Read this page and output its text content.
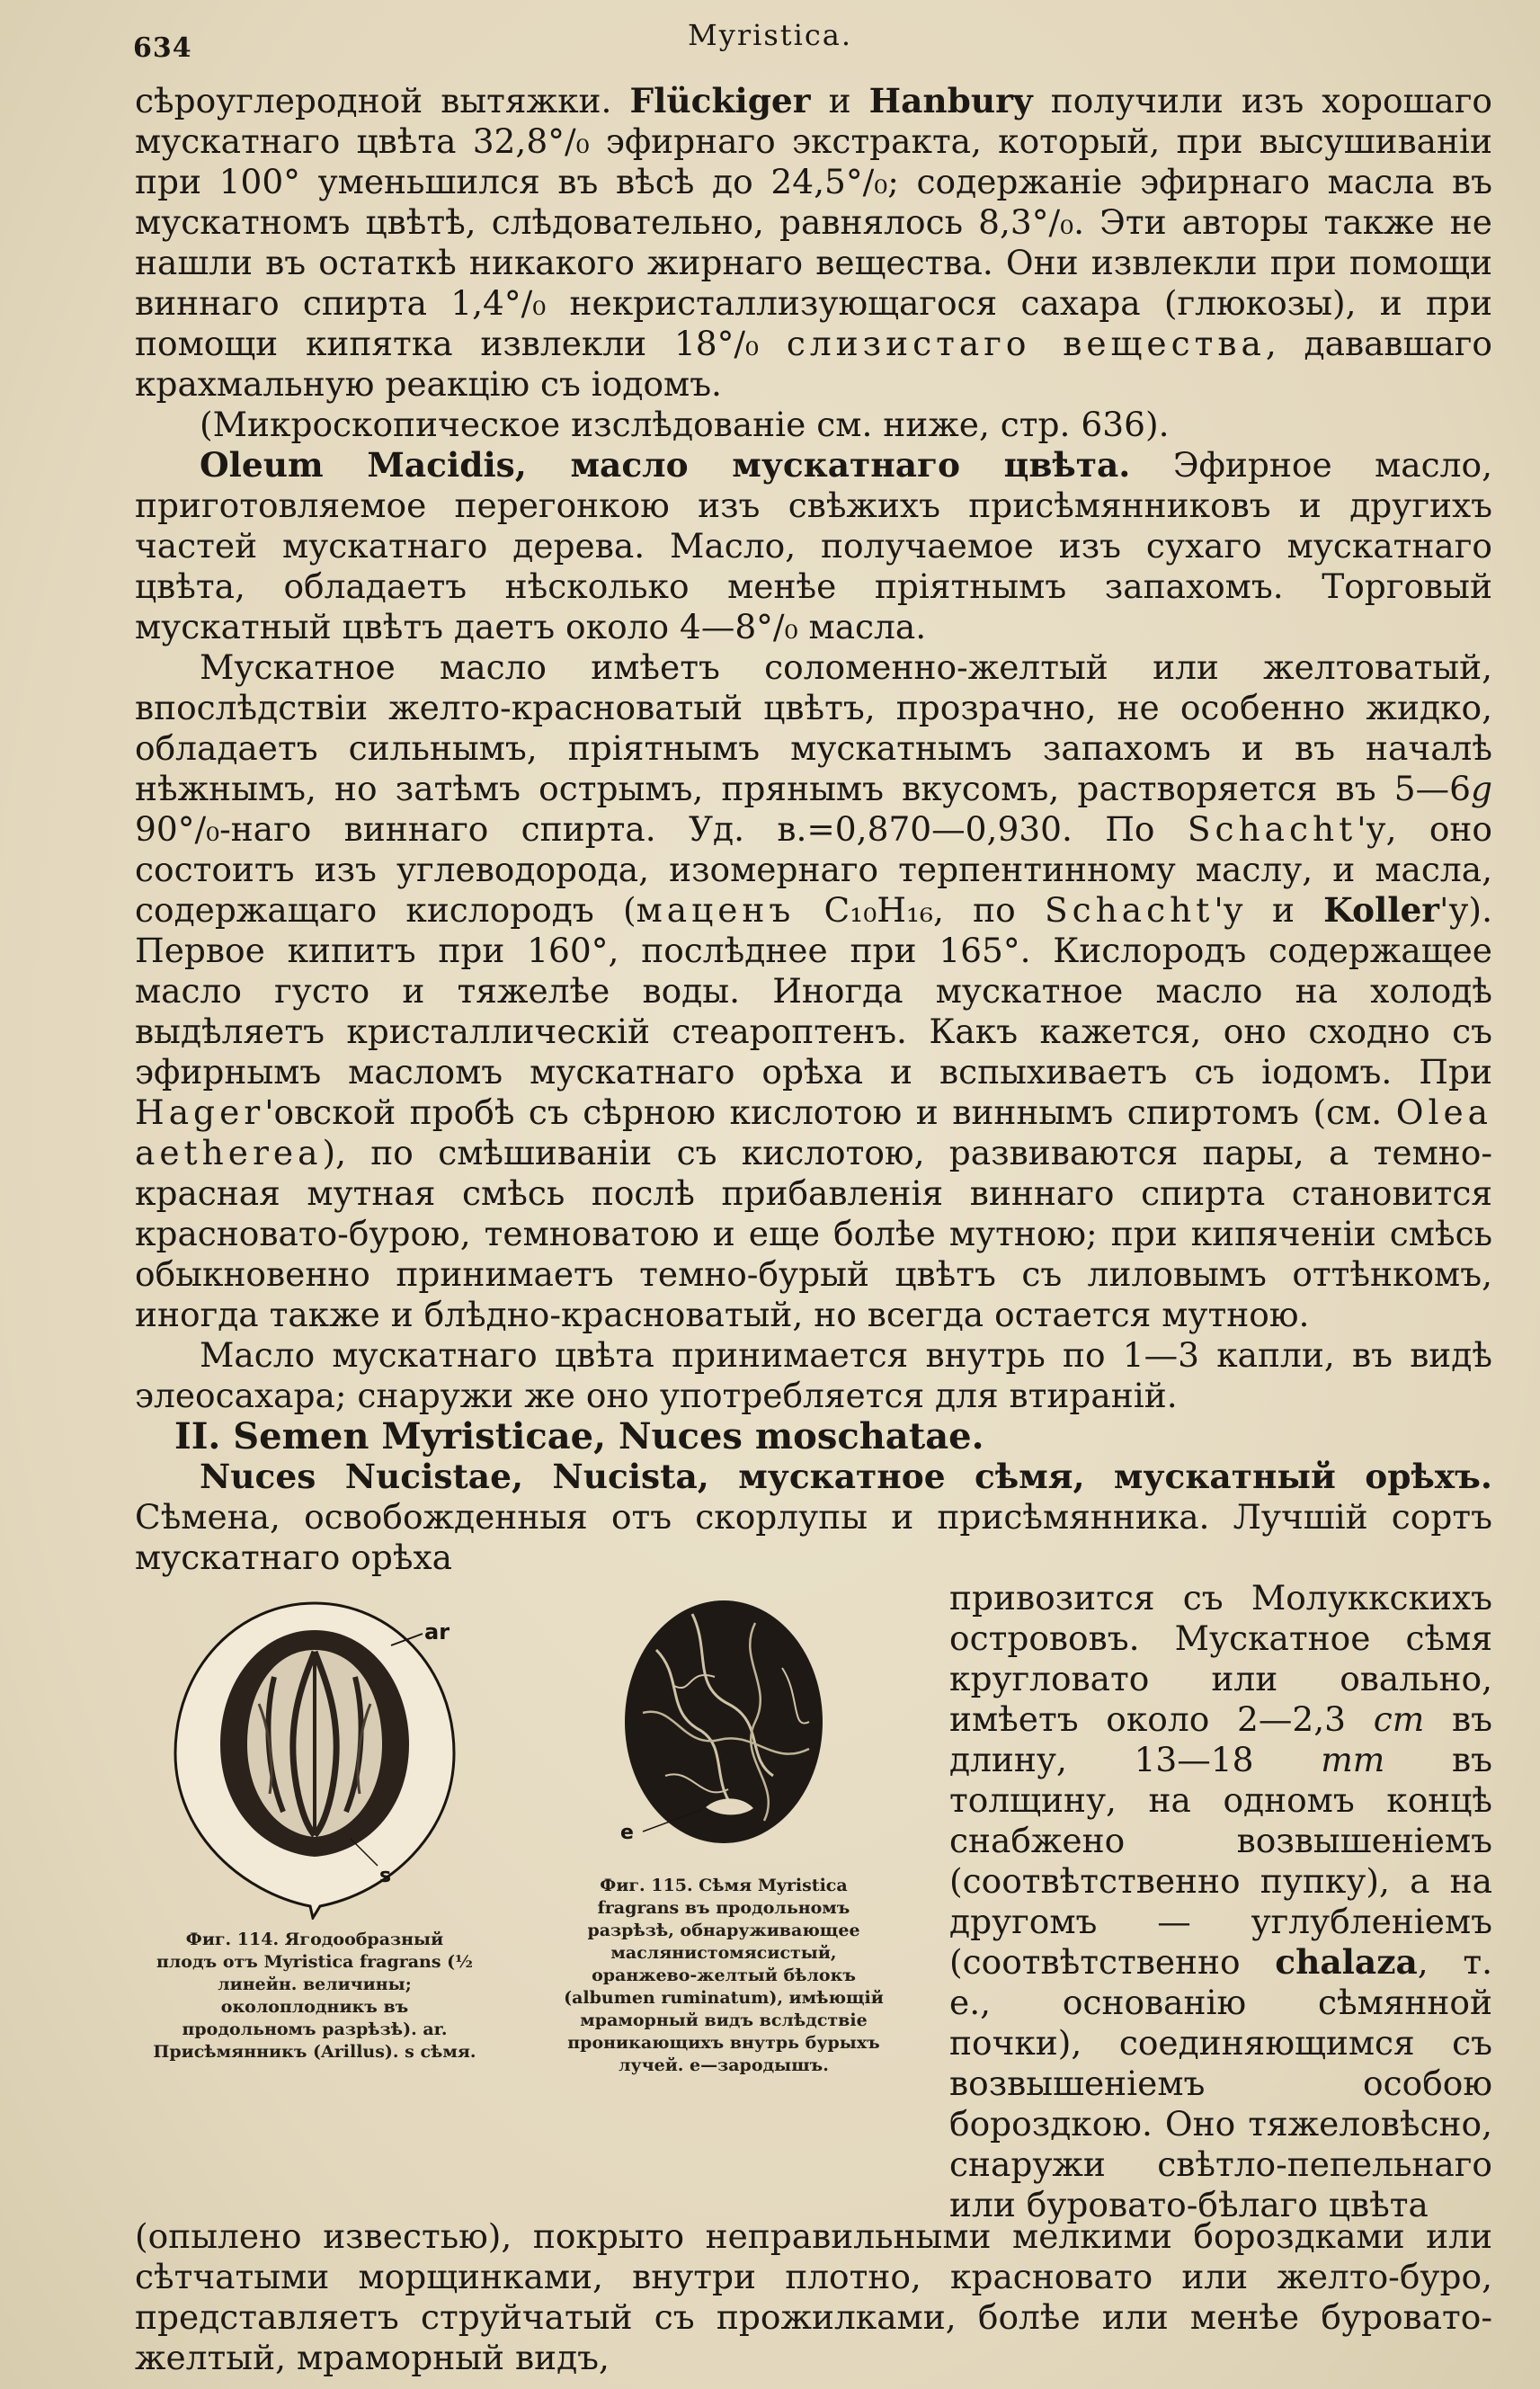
634	Myristica.

сѣроуглеродной вытяжки. Flückiger и Hanbury получили изъ хорошаго мускатнаго цвѣта 32,8°/₀ эфирнаго экстракта, который, при высушиваніи при 100° уменьшился въ вѣсѣ до 24,5°/₀; содержаніе эфирнаго масла въ мускатномъ цвѣтѣ, слѣдовательно, равнялось 8,3°/₀. Эти авторы также не нашли въ остаткѣ никакого жирнаго вещества. Они извлекли при помощи виннаго спирта 1,4°/₀ некристаллизующагося сахара (глюкозы), и при помощи кипятка извлекли 18°/₀ слизистаго вещества, дававшаго крахмальную реакцію съ іодомъ.

(Микроскопическое изслѣдованіе см. ниже, стр. 636).

Oleum Macidis, масло мускатнаго цвѣта. Эфирное масло, приготовляемое перегонкою изъ свѣжихъ присѣмянниковъ и другихъ частей мускатнаго дерева. Масло, получаемое изъ сухаго мускатнаго цвѣта, обладаетъ нѣсколько менѣе пріятнымъ запахомъ. Торговый мускатный цвѣтъ даетъ около 4—8°/₀ масла.

Мускатное масло имѣетъ соломенно-желтый или желтоватый, впослѣдствіи желто-красноватый цвѣтъ, прозрачно, не особенно жидко, обладаетъ сильнымъ, пріятнымъ мускатнымъ запахомъ и въ началѣ нѣжнымъ, но затѣмъ острымъ, прянымъ вкусомъ, растворяется въ 5—6g 90°/₀-наго виннаго спирта. Уд. в.=0,870—0,930. По Schacht'у, оно состоитъ изъ углеводорода, изомернаго терпентинному маслу, и масла, содержащаго кислородъ (маценъ C₁₀H₁₆, по Schacht'у и Koller'у). Первое кипитъ при 160°, послѣднее при 165°. Кислородъ содержащее масло густо и тяжелѣе воды. Иногда мускатное масло на холодѣ выдѣляетъ кристаллическій стеароптенъ. Какъ кажется, оно сходно съ эфирнымъ масломъ мускатнаго орѣха и вспыхиваетъ съ іодомъ. При Hager'овской пробѣ съ сѣрною кислотою и виннымъ спиртомъ (см. Olea aetherea), по смѣшиваніи съ кислотою, развиваются пары, а темно-красная мутная смѣсь послѣ прибавленія виннаго спирта становится красновато-бурою, темноватою и еще болѣе мутною; при кипяченіи смѣсь обыкновенно принимаетъ темно-бурый цвѣтъ съ лиловымъ оттѣнкомъ, иногда также и блѣдно-красноватый, но всегда остается мутною.

Масло мускатнаго цвѣта принимается внутрь по 1—3 капли, въ видѣ элеосахара; снаружи же оно употребляется для втираній.

II. Semen Myristicae, Nuces moschatae.

Nuces Nucistae, Nucista, мускатное сѣмя, мускатный орѣхъ. Сѣмена, освобожденныя отъ скорлупы и присѣмянника. Лучшій сортъ мускатнаго орѣха

ar
s
Фиг. 114. Ягодообразный плодъ отъ Myristica fragrans (½ линейн. величины; околоплодникъ въ продольномъ разрѣзѣ). ar. Присѣмянникъ (Arillus). s сѣмя.
e
Фиг. 115. Сѣмя Myristica fragrans въ продольномъ разрѣзѣ, обнаруживающее маслянистомясистый, оранжево-желтый бѣлокъ (albumen ruminatum), имѣющій мраморный видъ вслѣдствіе проникающихъ внутрь бурыхъ лучей. e—зародышъ.

привозится съ Молуккскихъ острововъ. Мускатное сѣмя кругловато или овально, имѣетъ около 2—2,3 cm въ длину, 13—18 mm въ толщину, на одномъ концѣ снабжено возвышеніемъ (соотвѣтственно пупку), а на другомъ — углубленіемъ (соотвѣтственно chalaza, т. е., основанію сѣмянной почки), соединяющимся съ возвышеніемъ особою бороздкою. Оно тяжеловѣсно, снаружи свѣтло-пепельнаго или буровато-бѣлаго цвѣта

(опылено известью), покрыто неправильными мелкими бороздками или сѣтчатыми морщинками, внутри плотно, красновато или желто-буро, представляетъ струйчатый съ прожилками, болѣе или менѣе буровато-желтый, мраморный видъ,
